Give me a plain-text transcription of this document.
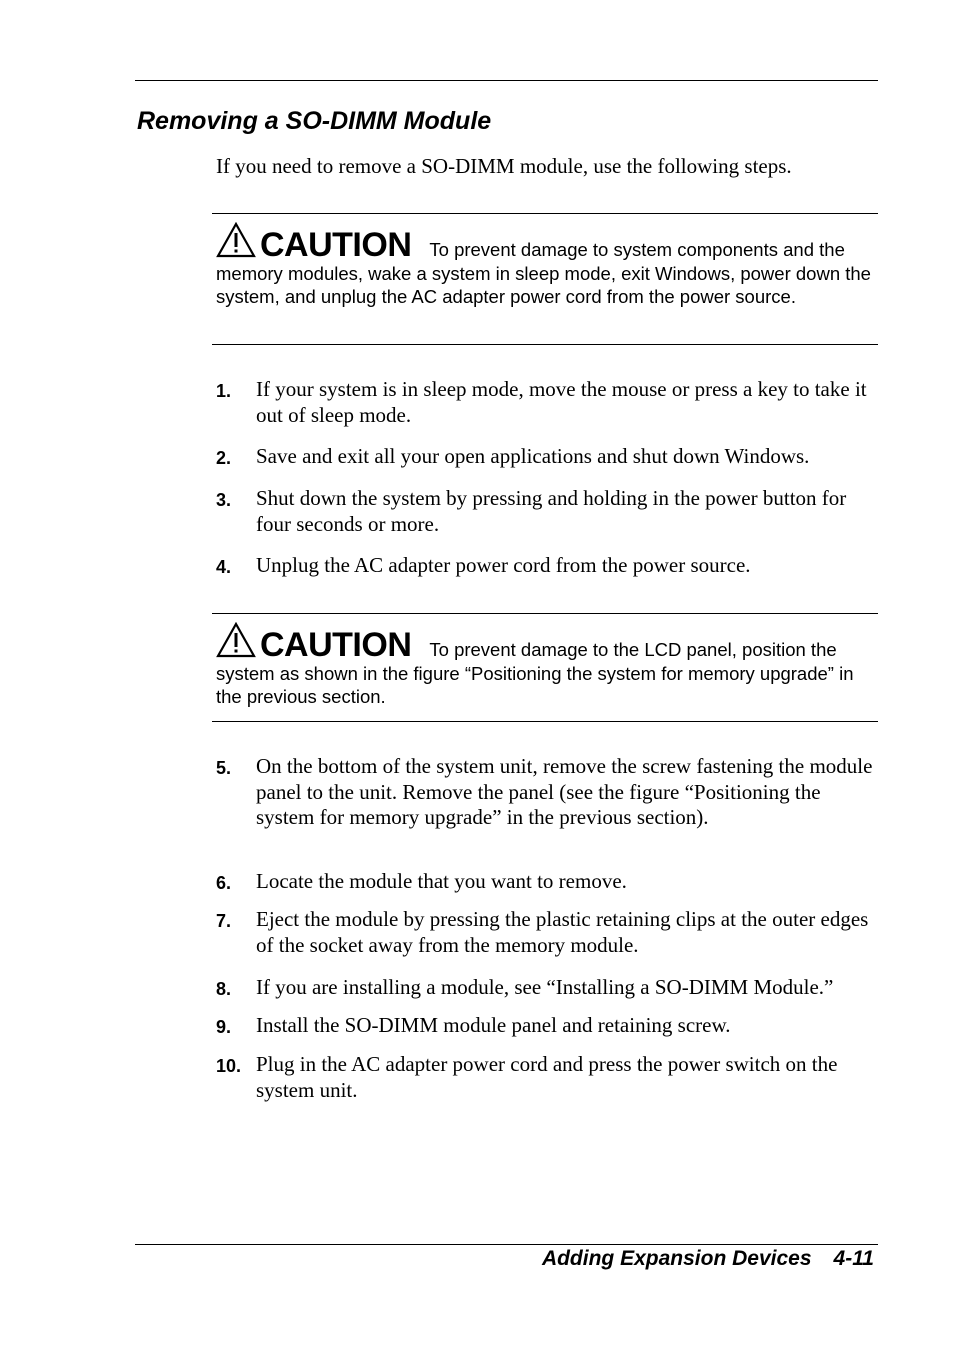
Removing a SO-DIMM Module
If you need to remove a SO-DIMM module, use the following steps.
CAUTION To prevent damage to system components and the memory modules, wake a system in sleep mode, exit Windows, power down the system, and unplug the AC adapter power cord from the power source.
CAUTION To prevent damage to the LCD panel, position the system as shown in the figure “Positioning the system for memory upgrade” in the previous section.
1. If your system is in sleep mode, move the mouse or press a key to take it out of sleep mode.
2. Save and exit all your open applications and shut down Windows.
3. Shut down the system by pressing and holding in the power button for four seconds or more.
4. Unplug the AC adapter power cord from the power source.
5. On the bottom of the system unit, remove the screw fastening the module panel to the unit. Remove the panel (see the figure “Positioning the system for memory upgrade” in the previous section).
6. Locate the module that you want to remove.
7. Eject the module by pressing the plastic retaining clips at the outer edges of the socket away from the memory module.
8. If you are installing a module, see “Installing a SO-DIMM Module.”
9. Install the SO-DIMM module panel and retaining screw.
10. Plug in the AC adapter power cord and press the power switch on the system unit.
Adding Expansion Devices 4-11
